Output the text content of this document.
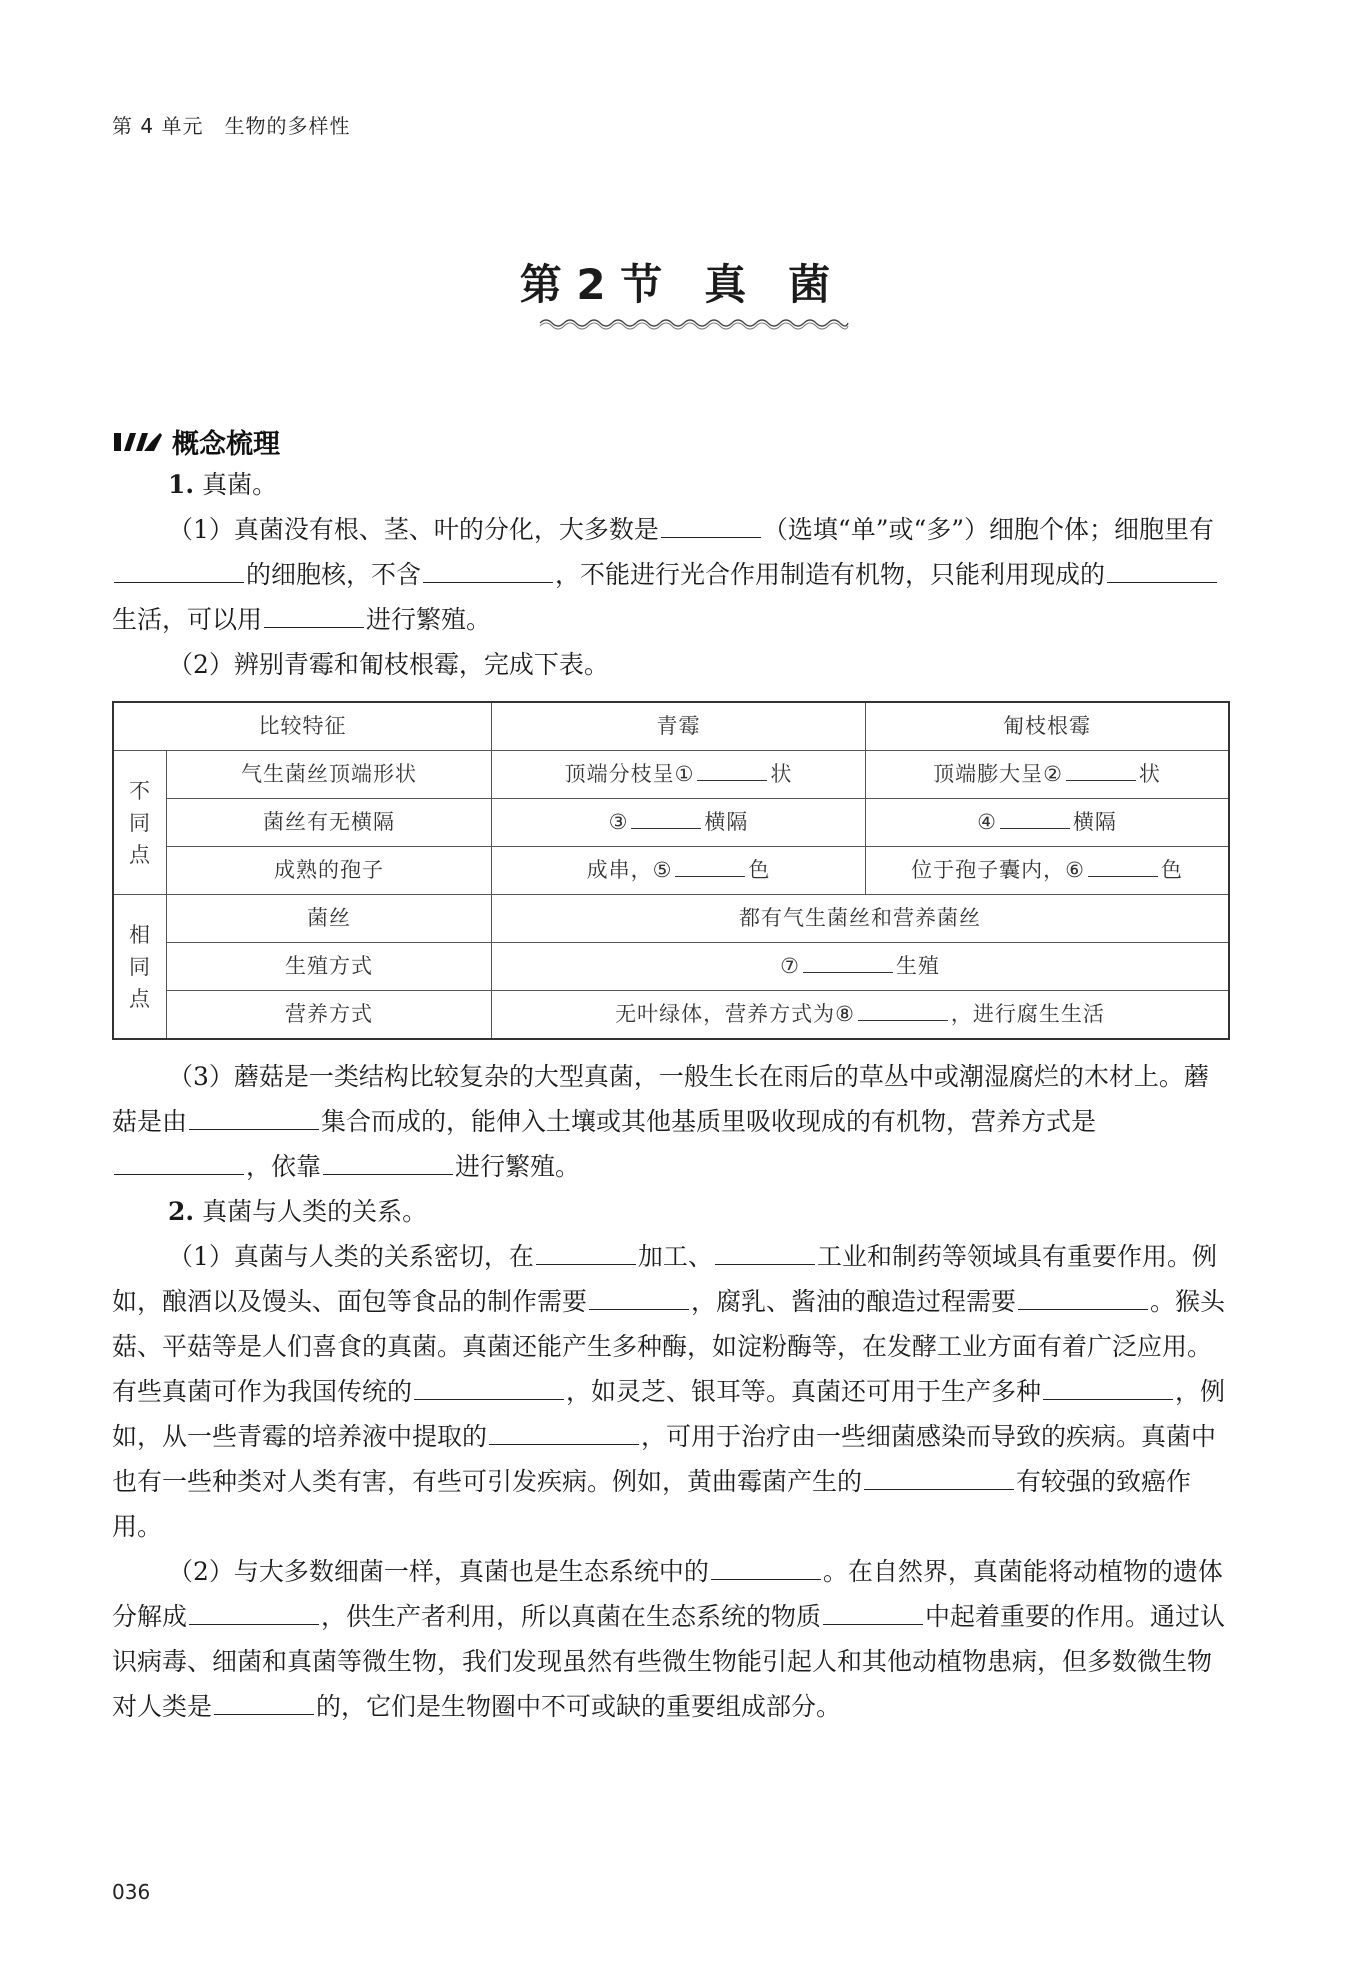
第 4 单元　生物的多样性
第 2 节　真　菌
概念梳理

1. 真菌。

（1）真菌没有根、茎、叶的分化，大多数是	（选填“单”或“多”）细胞个体；细胞里有的细胞核，不含	，不能进行光合作用制造有机物，只能利用现成的生活，可以用	进行繁殖。

（2）辨别青霉和匍枝根霉，完成下表。

比较特征		青霉	匍枝根霉
不
同
点	气生菌丝顶端形状	顶端分枝呈① 状	顶端膨大呈② 状
	菌丝有无横隔	③ 横隔	④ 横隔
	成熟的孢子	成串，⑤ 色	位于孢子囊内，⑥ 色
相
同
点	菌丝	都有气生菌丝和营养菌丝	
	生殖方式	⑦ 生殖	
	营养方式	无叶绿体，营养方式为⑧ ，进行腐生生活	

（3）蘑菇是一类结构比较复杂的大型真菌，一般生长在雨后的草丛中或潮湿腐烂的木材上。蘑菇是由	集合而成的，能伸入土壤或其他基质里吸收现成的有机物，营养方式是，依靠	进行繁殖。

2. 真菌与人类的关系。

（1）真菌与人类的关系密切，在	加工、	工业和制药等领域具有重要作用。例如，酿酒以及馒头、面包等食品的制作需要	，腐乳、酱油的酿造过程需要	。猴头菇、平菇等是人们喜食的真菌。真菌还能产生多种酶，如淀粉酶等，在发酵工业方面有着广泛应用。有些真菌可作为我国传统的	，如灵芝、银耳等。真菌还可用于生产多种	，例如，从一些青霉的培养液中提取的	，可用于治疗由一些细菌感染而导致的疾病。真菌中也有一些种类对人类有害，有些可引发疾病。例如，黄曲霉菌产生的	有较强的致癌作用。

（2）与大多数细菌一样，真菌也是生态系统中的	。在自然界，真菌能将动植物的遗体分解成	，供生产者利用，所以真菌在生态系统的物质	中起着重要的作用。通过认识病毒、细菌和真菌等微生物，我们发现虽然有些微生物能引起人和其他动植物患病，但多数微生物对人类是	的，它们是生物圈中不可或缺的重要组成部分。

036
